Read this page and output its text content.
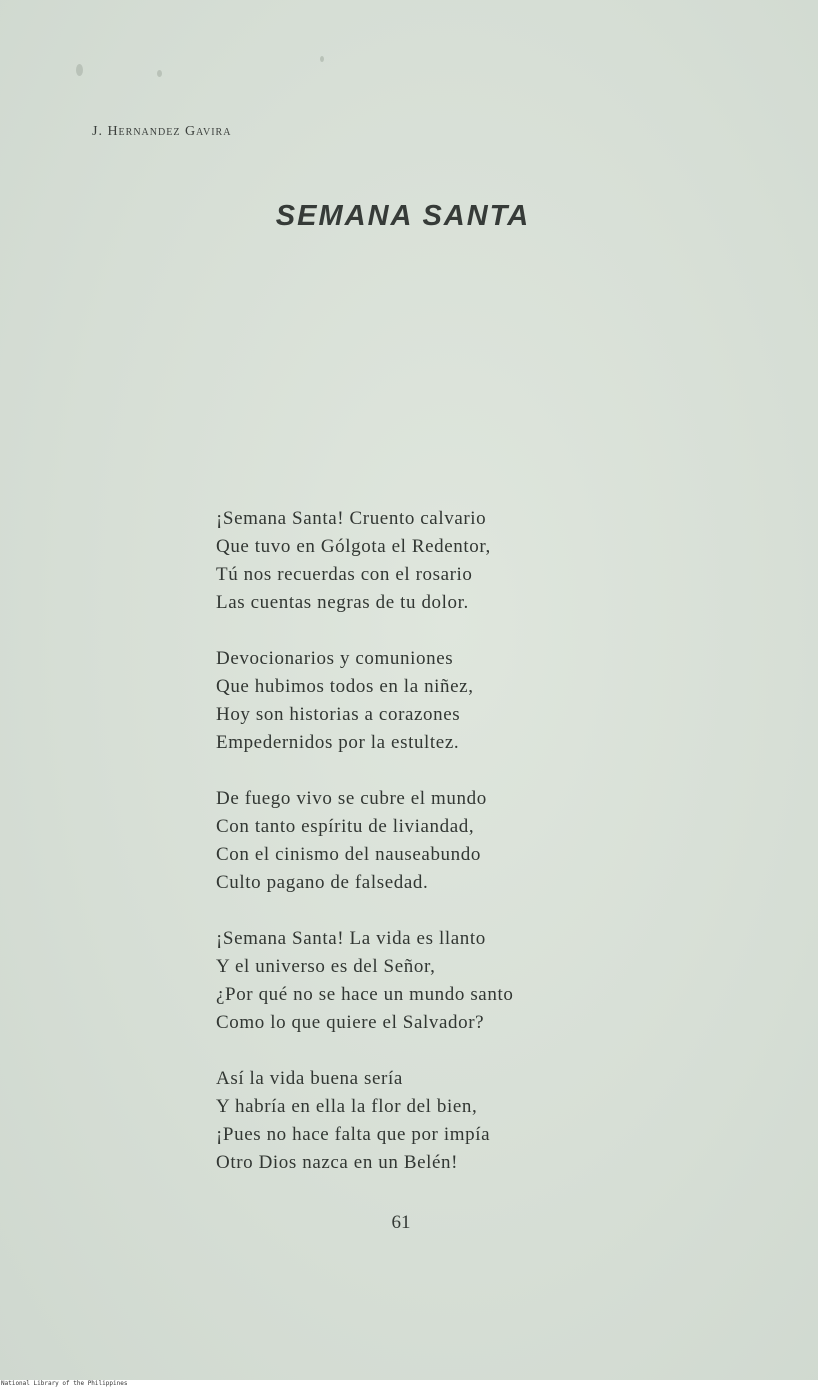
J. Hernandez Gavira
SEMANA SANTA
¡Semana Santa! Cruento calvario
Que tuvo en Gólgota el Redentor,
Tú nos recuerdas con el rosario
Las cuentas negras de tu dolor.
Devocionarios y comuniones
Que hubimos todos en la niñez,
Hoy son historias a corazones
Empedernidos por la estultez.
De fuego vivo se cubre el mundo
Con tanto espíritu de liviandad,
Con el cinismo del nauseabundo
Culto pagano de falsedad.
¡Semana Santa! La vida es llanto
Y el universo es del Señor,
¿Por qué no se hace un mundo santo
Como lo que quiere el Salvador?
Así la vida buena sería
Y habría en ella la flor del bien,
¡Pues no hace falta que por impía
Otro Dios nazca en un Belén!
61
National Library of the Philippines
